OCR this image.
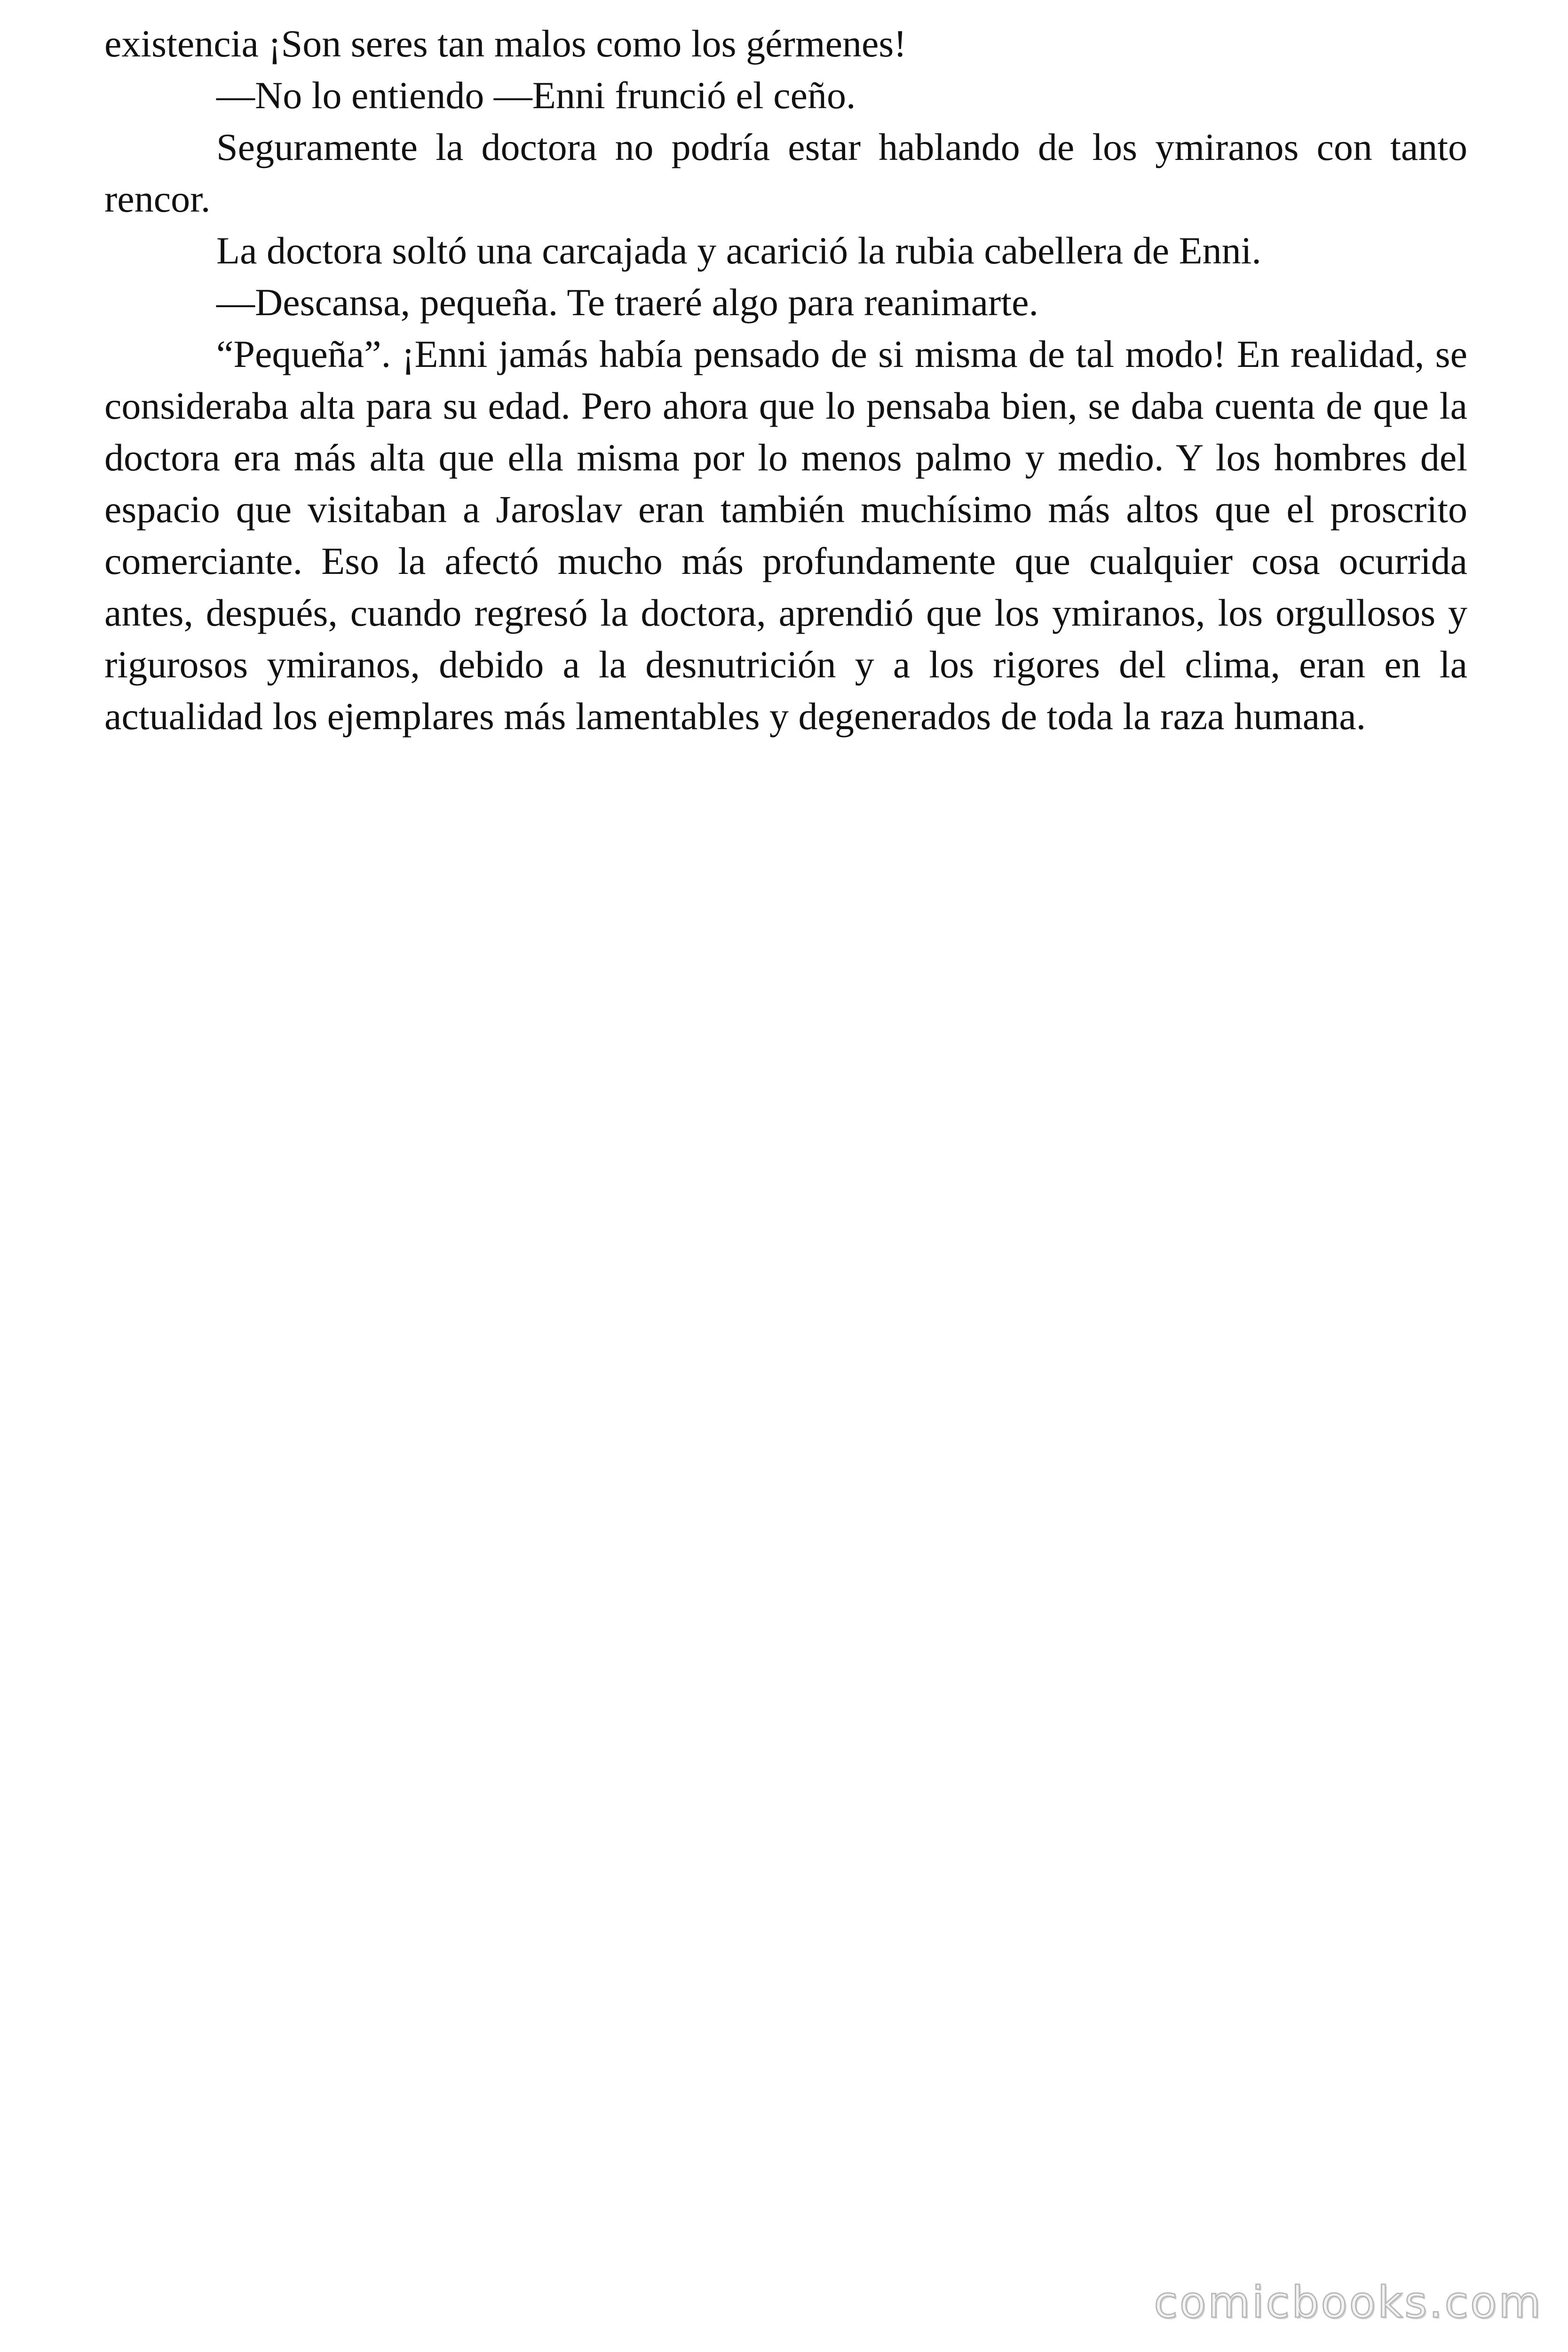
existencia ¡Son seres tan malos como los gérmenes!

—No lo entiendo —Enni frunció el ceño.

Seguramente la doctora no podría estar hablando de los ymiranos con tanto rencor.

La doctora soltó una carcajada y acarició la rubia cabellera de Enni.

—Descansa, pequeña. Te traeré algo para reanimarte.

“Pequeña”. ¡Enni jamás había pensado de si misma de tal modo! En realidad, se consideraba alta para su edad. Pero ahora que lo pensaba bien, se daba cuenta de que la doctora era más alta que ella misma por lo menos palmo y medio. Y los hombres del espacio que visitaban a Jaroslav eran también muchísimo más altos que el proscrito comerciante. Eso la afectó mucho más profundamente que cualquier cosa ocurrida antes, después, cuando regresó la doctora, aprendió que los ymiranos, los orgullosos y rigurosos ymiranos, debido a la desnutrición y a los rigores del clima, eran en la actualidad los ejemplares más lamentables y degenerados de toda la raza humana.

comicbooks.com
